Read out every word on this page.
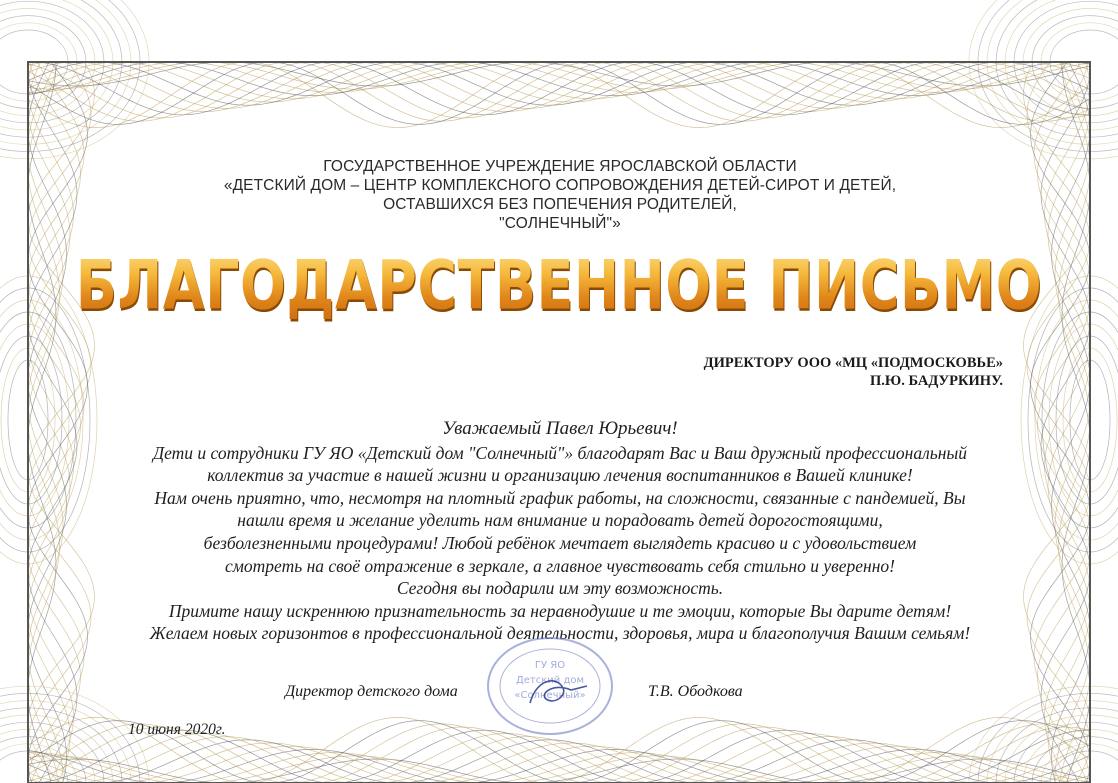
ГОСУДАРСТВЕННОЕ УЧРЕЖДЕНИЕ ЯРОСЛАВСКОЙ ОБЛАСТИ
«ДЕТСКИЙ ДОМ – ЦЕНТР КОМПЛЕКСНОГО СОПРОВОЖДЕНИЯ ДЕТЕЙ-СИРОТ И ДЕТЕЙ,
ОСТАВШИХСЯ БЕЗ ПОПЕЧЕНИЯ РОДИТЕЛЕЙ,
"СОЛНЕЧНЫЙ"»
БЛАГОДАРСТВЕННОЕ ПИСЬМО
ДИРЕКТОРУ ООО «МЦ «ПОДМОСКОВЬЕ»
П.Ю. БАДУРКИНУ.
Уважаемый Павел Юрьевич!
Дети и сотрудники ГУ ЯО «Детский дом "Солнечный"» благодарят Вас и Ваш дружный профессиональный
коллектив за участие в нашей жизни и организацию лечения воспитанников в Вашей клинике!
Нам очень приятно, что, несмотря на плотный график работы, на сложности, связанные с пандемией, Вы
нашли время и желание уделить нам внимание и порадовать детей дорогостоящими,
безболезненными процедурами! Любой ребёнок мечтает выглядеть красиво и с удовольствием
смотреть на своё отражение в зеркале, а главное чувствовать себя стильно и уверенно!
Сегодня вы подарили им эту возможность.
Примите нашу искреннюю признательность за неравнодушие и те эмоции, которые Вы дарите детям!
Желаем новых горизонтов в профессиональной деятельности, здоровья, мира и благополучия Вашим семьям!
ГУ ЯО
Детский дом
«Солнечный»
Директор детского дома	Т.В. Ободкова
10 июня 2020г.
